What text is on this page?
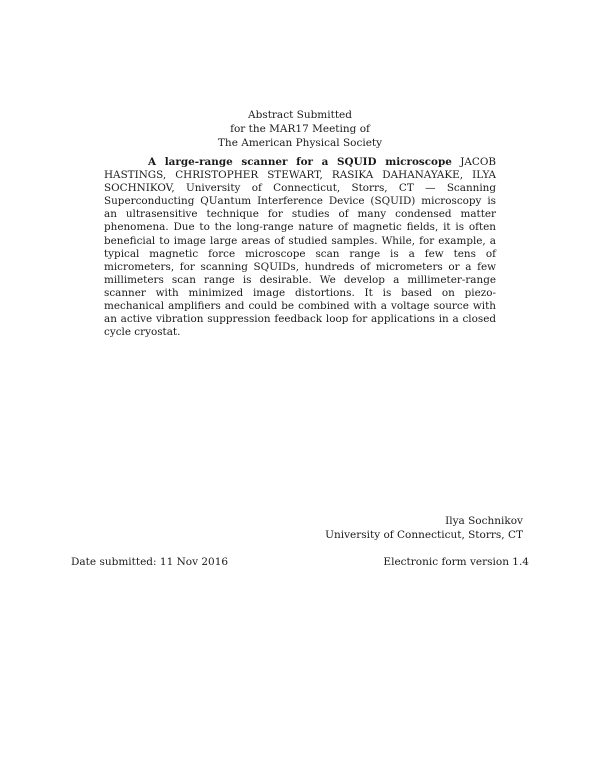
Abstract Submitted
for the MAR17 Meeting of
The American Physical Society
A large-range scanner for a SQUID microscope JACOB HASTINGS, CHRISTOPHER STEWART, RASIKA DAHANAYAKE, ILYA SOCHNIKOV, University of Connecticut, Storrs, CT — Scanning Superconducting QUantum Interference Device (SQUID) microscopy is an ultrasensitive technique for studies of many condensed matter phenomena. Due to the long-range nature of magnetic fields, it is often beneficial to image large areas of studied samples. While, for example, a typical magnetic force microscope scan range is a few tens of micrometers, for scanning SQUIDs, hundreds of micrometers or a few millimeters scan range is desirable. We develop a millimeter-range scanner with minimized image distortions. It is based on piezo-mechanical amplifiers and could be combined with a voltage source with an active vibration suppression feedback loop for applications in a closed cycle cryostat.
Ilya Sochnikov
University of Connecticut, Storrs, CT
Date submitted: 11 Nov 2016	Electronic form version 1.4
